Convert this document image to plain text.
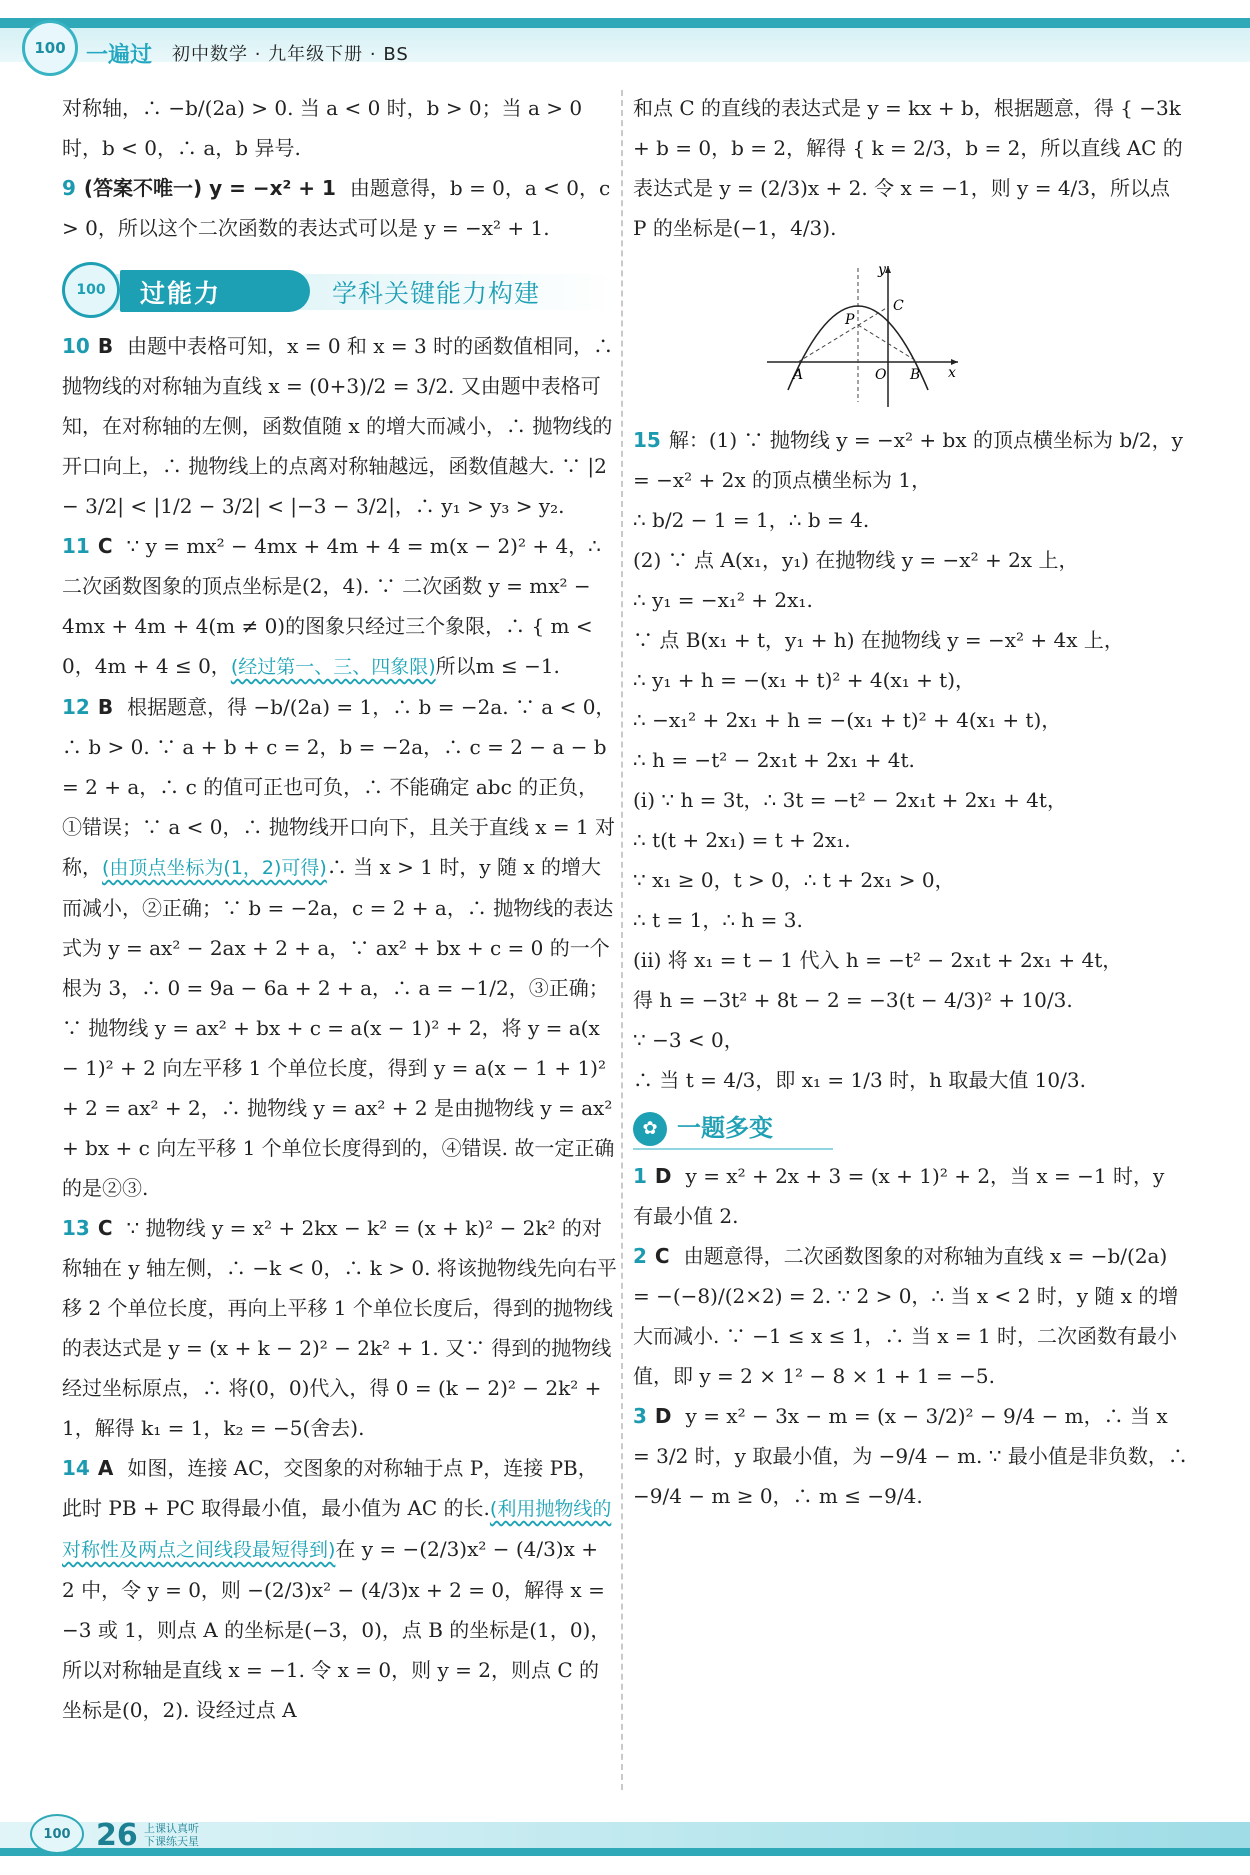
100 一遍过 初中数学 · 九年级下册 · BS

对称轴，∴ −b/(2a) > 0. 当 a < 0 时，b > 0；当 a > 0 时，b < 0，∴ a，b 异号.

9 (答案不唯一) y = −x² + 1 由题意得，b = 0，a < 0，c > 0，所以这个二次函数的表达式可以是 y = −x² + 1.

100	过能力	学科关键能力构建

10 B 由题中表格可知，x = 0 和 x = 3 时的函数值相同，∴ 抛物线的对称轴为直线 x = (0+3)/2 = 3/2. 又由题中表格可知，在对称轴的左侧，函数值随 x 的增大而减小，∴ 抛物线的开口向上，∴ 抛物线上的点离对称轴越远，函数值越大. ∵ |2 − 3/2| < |1/2 − 3/2| < |−3 − 3/2|，∴ y₁ > y₃ > y₂.

11 C ∵ y = mx² − 4mx + 4m + 4 = m(x − 2)² + 4，∴ 二次函数图象的顶点坐标是(2，4). ∵ 二次函数 y = mx² − 4mx + 4m + 4(m ≠ 0)的图象只经过三个象限，∴ { m < 0，4m + 4 ≤ 0，(经过第一、三、四象限)所以m ≤ −1.

12 B 根据题意，得 −b/(2a) = 1，∴ b = −2a. ∵ a < 0，∴ b > 0. ∵ a + b + c = 2，b = −2a，∴ c = 2 − a − b = 2 + a，∴ c 的值可正也可负，∴ 不能确定 abc 的正负，①错误；∵ a < 0，∴ 抛物线开口向下，且关于直线 x = 1 对称，(由顶点坐标为(1，2)可得)∴ 当 x > 1 时，y 随 x 的增大而减小，②正确；∵ b = −2a，c = 2 + a，∴ 抛物线的表达式为 y = ax² − 2ax + 2 + a，∵ ax² + bx + c = 0 的一个根为 3，∴ 0 = 9a − 6a + 2 + a，∴ a = −1/2，③正确；∵ 抛物线 y = ax² + bx + c = a(x − 1)² + 2，将 y = a(x − 1)² + 2 向左平移 1 个单位长度，得到 y = a(x − 1 + 1)² + 2 = ax² + 2，∴ 抛物线 y = ax² + 2 是由抛物线 y = ax² + bx + c 向左平移 1 个单位长度得到的，④错误. 故一定正确的是②③.

13 C ∵ 抛物线 y = x² + 2kx − k² = (x + k)² − 2k² 的对称轴在 y 轴左侧，∴ −k < 0，∴ k > 0. 将该抛物线先向右平移 2 个单位长度，再向上平移 1 个单位长度后，得到的抛物线的表达式是 y = (x + k − 2)² − 2k² + 1. 又∵ 得到的抛物线经过坐标原点，∴ 将(0，0)代入，得 0 = (k − 2)² − 2k² + 1，解得 k₁ = 1，k₂ = −5(舍去).

14 A 如图，连接 AC，交图象的对称轴于点 P，连接 PB，此时 PB + PC 取得最小值，最小值为 AC 的长.(利用抛物线的对称性及两点之间线段最短得到)在 y = −(2/3)x² − (4/3)x + 2 中，令 y = 0，则 −(2/3)x² − (4/3)x + 2 = 0，解得 x = −3 或 1，则点 A 的坐标是(−3，0)，点 B 的坐标是(1，0)，所以对称轴是直线 x = −1. 令 x = 0，则 y = 2，则点 C 的坐标是(0，2). 设经过点 A

和点 C 的直线的表达式是 y = kx + b，根据题意，得 { −3k + b = 0，b = 2，解得 { k = 2/3，b = 2，所以直线 AC 的表达式是 y = (2/3)x + 2. 令 x = −1，则 y = 4/3，所以点 P 的坐标是(−1，4/3).

y
x
A	O B
C
P

15 解：(1) ∵ 抛物线 y = −x² + bx 的顶点横坐标为 b/2，y = −x² + 2x 的顶点横坐标为 1，

∴ b/2 − 1 = 1，∴ b = 4.

(2) ∵ 点 A(x₁，y₁) 在抛物线 y = −x² + 2x 上，

∴ y₁ = −x₁² + 2x₁.

∵ 点 B(x₁ + t，y₁ + h) 在抛物线 y = −x² + 4x 上，

∴ y₁ + h = −(x₁ + t)² + 4(x₁ + t)，

∴ −x₁² + 2x₁ + h = −(x₁ + t)² + 4(x₁ + t)，

∴ h = −t² − 2x₁t + 2x₁ + 4t.

(i) ∵ h = 3t，∴ 3t = −t² − 2x₁t + 2x₁ + 4t，

∴ t(t + 2x₁) = t + 2x₁.

∵ x₁ ≥ 0，t > 0，∴ t + 2x₁ > 0，

∴ t = 1，∴ h = 3.

(ii) 将 x₁ = t − 1 代入 h = −t² − 2x₁t + 2x₁ + 4t，

得 h = −3t² + 8t − 2 = −3(t − 4/3)² + 10/3.

∵ −3 < 0，

∴ 当 t = 4/3，即 x₁ = 1/3 时，h 取最大值 10/3.

✿ 一题多变

1 D y = x² + 2x + 3 = (x + 1)² + 2，当 x = −1 时，y 有最小值 2.

2 C 由题意得，二次函数图象的对称轴为直线 x = −b/(2a) = −(−8)/(2×2) = 2. ∵ 2 > 0，∴ 当 x < 2 时，y 随 x 的增大而减小. ∵ −1 ≤ x ≤ 1，∴ 当 x = 1 时，二次函数有最小值，即 y = 2 × 1² − 8 × 1 + 1 = −5.

3 D y = x² − 3x − m = (x − 3/2)² − 9/4 − m，∴ 当 x = 3/2 时，y 取最小值，为 −9/4 − m. ∵ 最小值是非负数，∴ −9/4 − m ≥ 0，∴ m ≤ −9/4.

100 26 上课认真听
下课练天星
